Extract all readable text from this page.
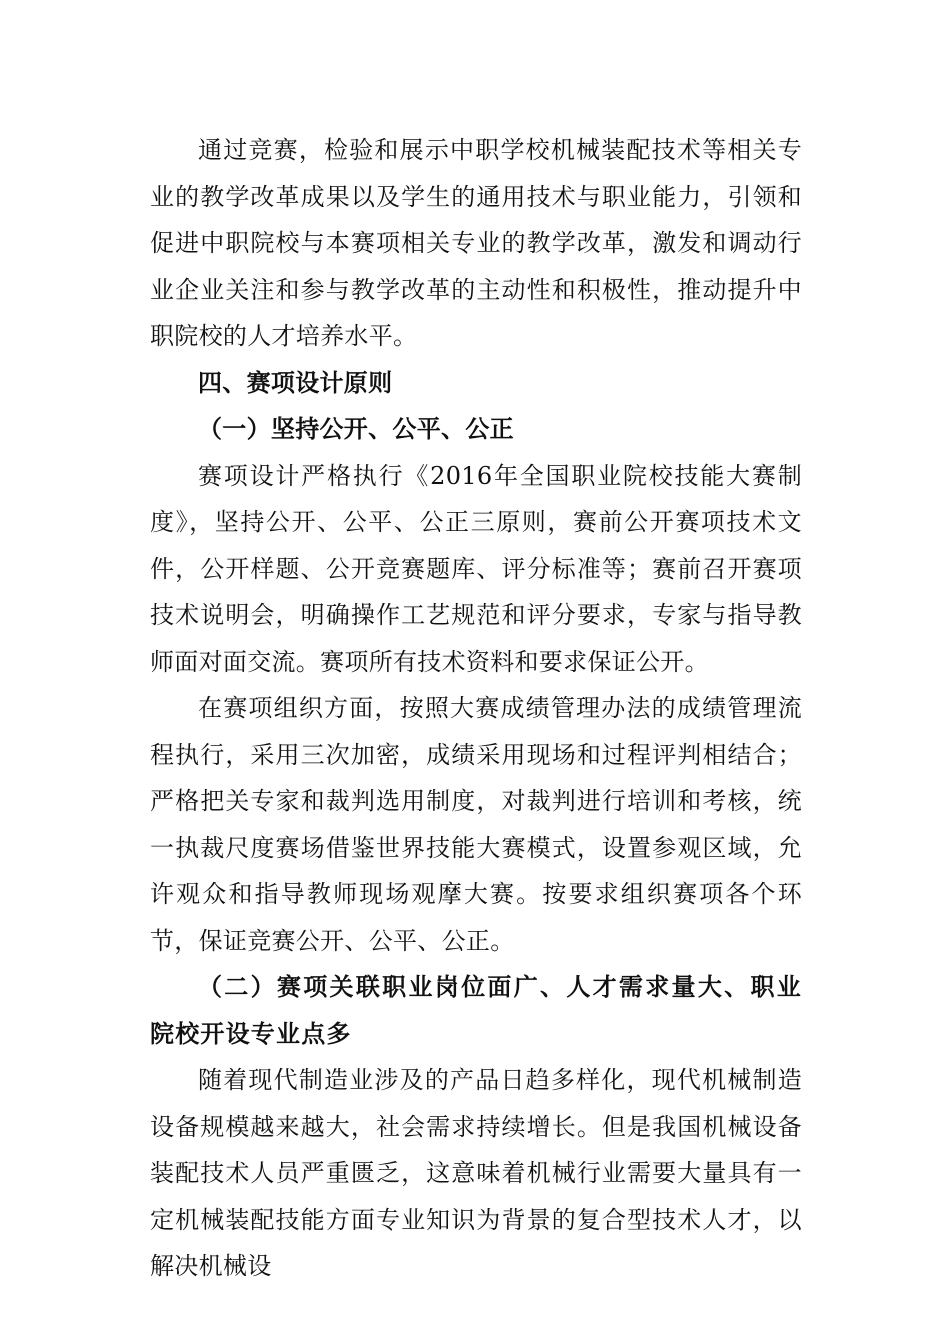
通过竞赛，检验和展示中职学校机械装配技术等相关专业的教学改革成果以及学生的通用技术与职业能力，引领和促进中职院校与本赛项相关专业的教学改革，激发和调动行业企业关注和参与教学改革的主动性和积极性，推动提升中职院校的人才培养水平。

四、赛项设计原则

（一）坚持公开、公平、公正

赛项设计严格执行《2016年全国职业院校技能大赛制度》，坚持公开、公平、公正三原则，赛前公开赛项技术文件，公开样题、公开竞赛题库、评分标准等；赛前召开赛项技术说明会，明确操作工艺规范和评分要求，专家与指导教师面对面交流。赛项所有技术资料和要求保证公开。

在赛项组织方面，按照大赛成绩管理办法的成绩管理流程执行，采用三次加密，成绩采用现场和过程评判相结合；严格把关专家和裁判选用制度，对裁判进行培训和考核，统一执裁尺度赛场借鉴世界技能大赛模式，设置参观区域，允许观众和指导教师现场观摩大赛。按要求组织赛项各个环节，保证竞赛公开、公平、公正。

（二）赛项关联职业岗位面广、人才需求量大、职业院校开设专业点多

随着现代制造业涉及的产品日趋多样化，现代机械制造设备规模越来越大，社会需求持续增长。但是我国机械设备装配技术人员严重匮乏，这意味着机械行业需要大量具有一定机械装配技能方面专业知识为背景的复合型技术人才，以解决机械设
